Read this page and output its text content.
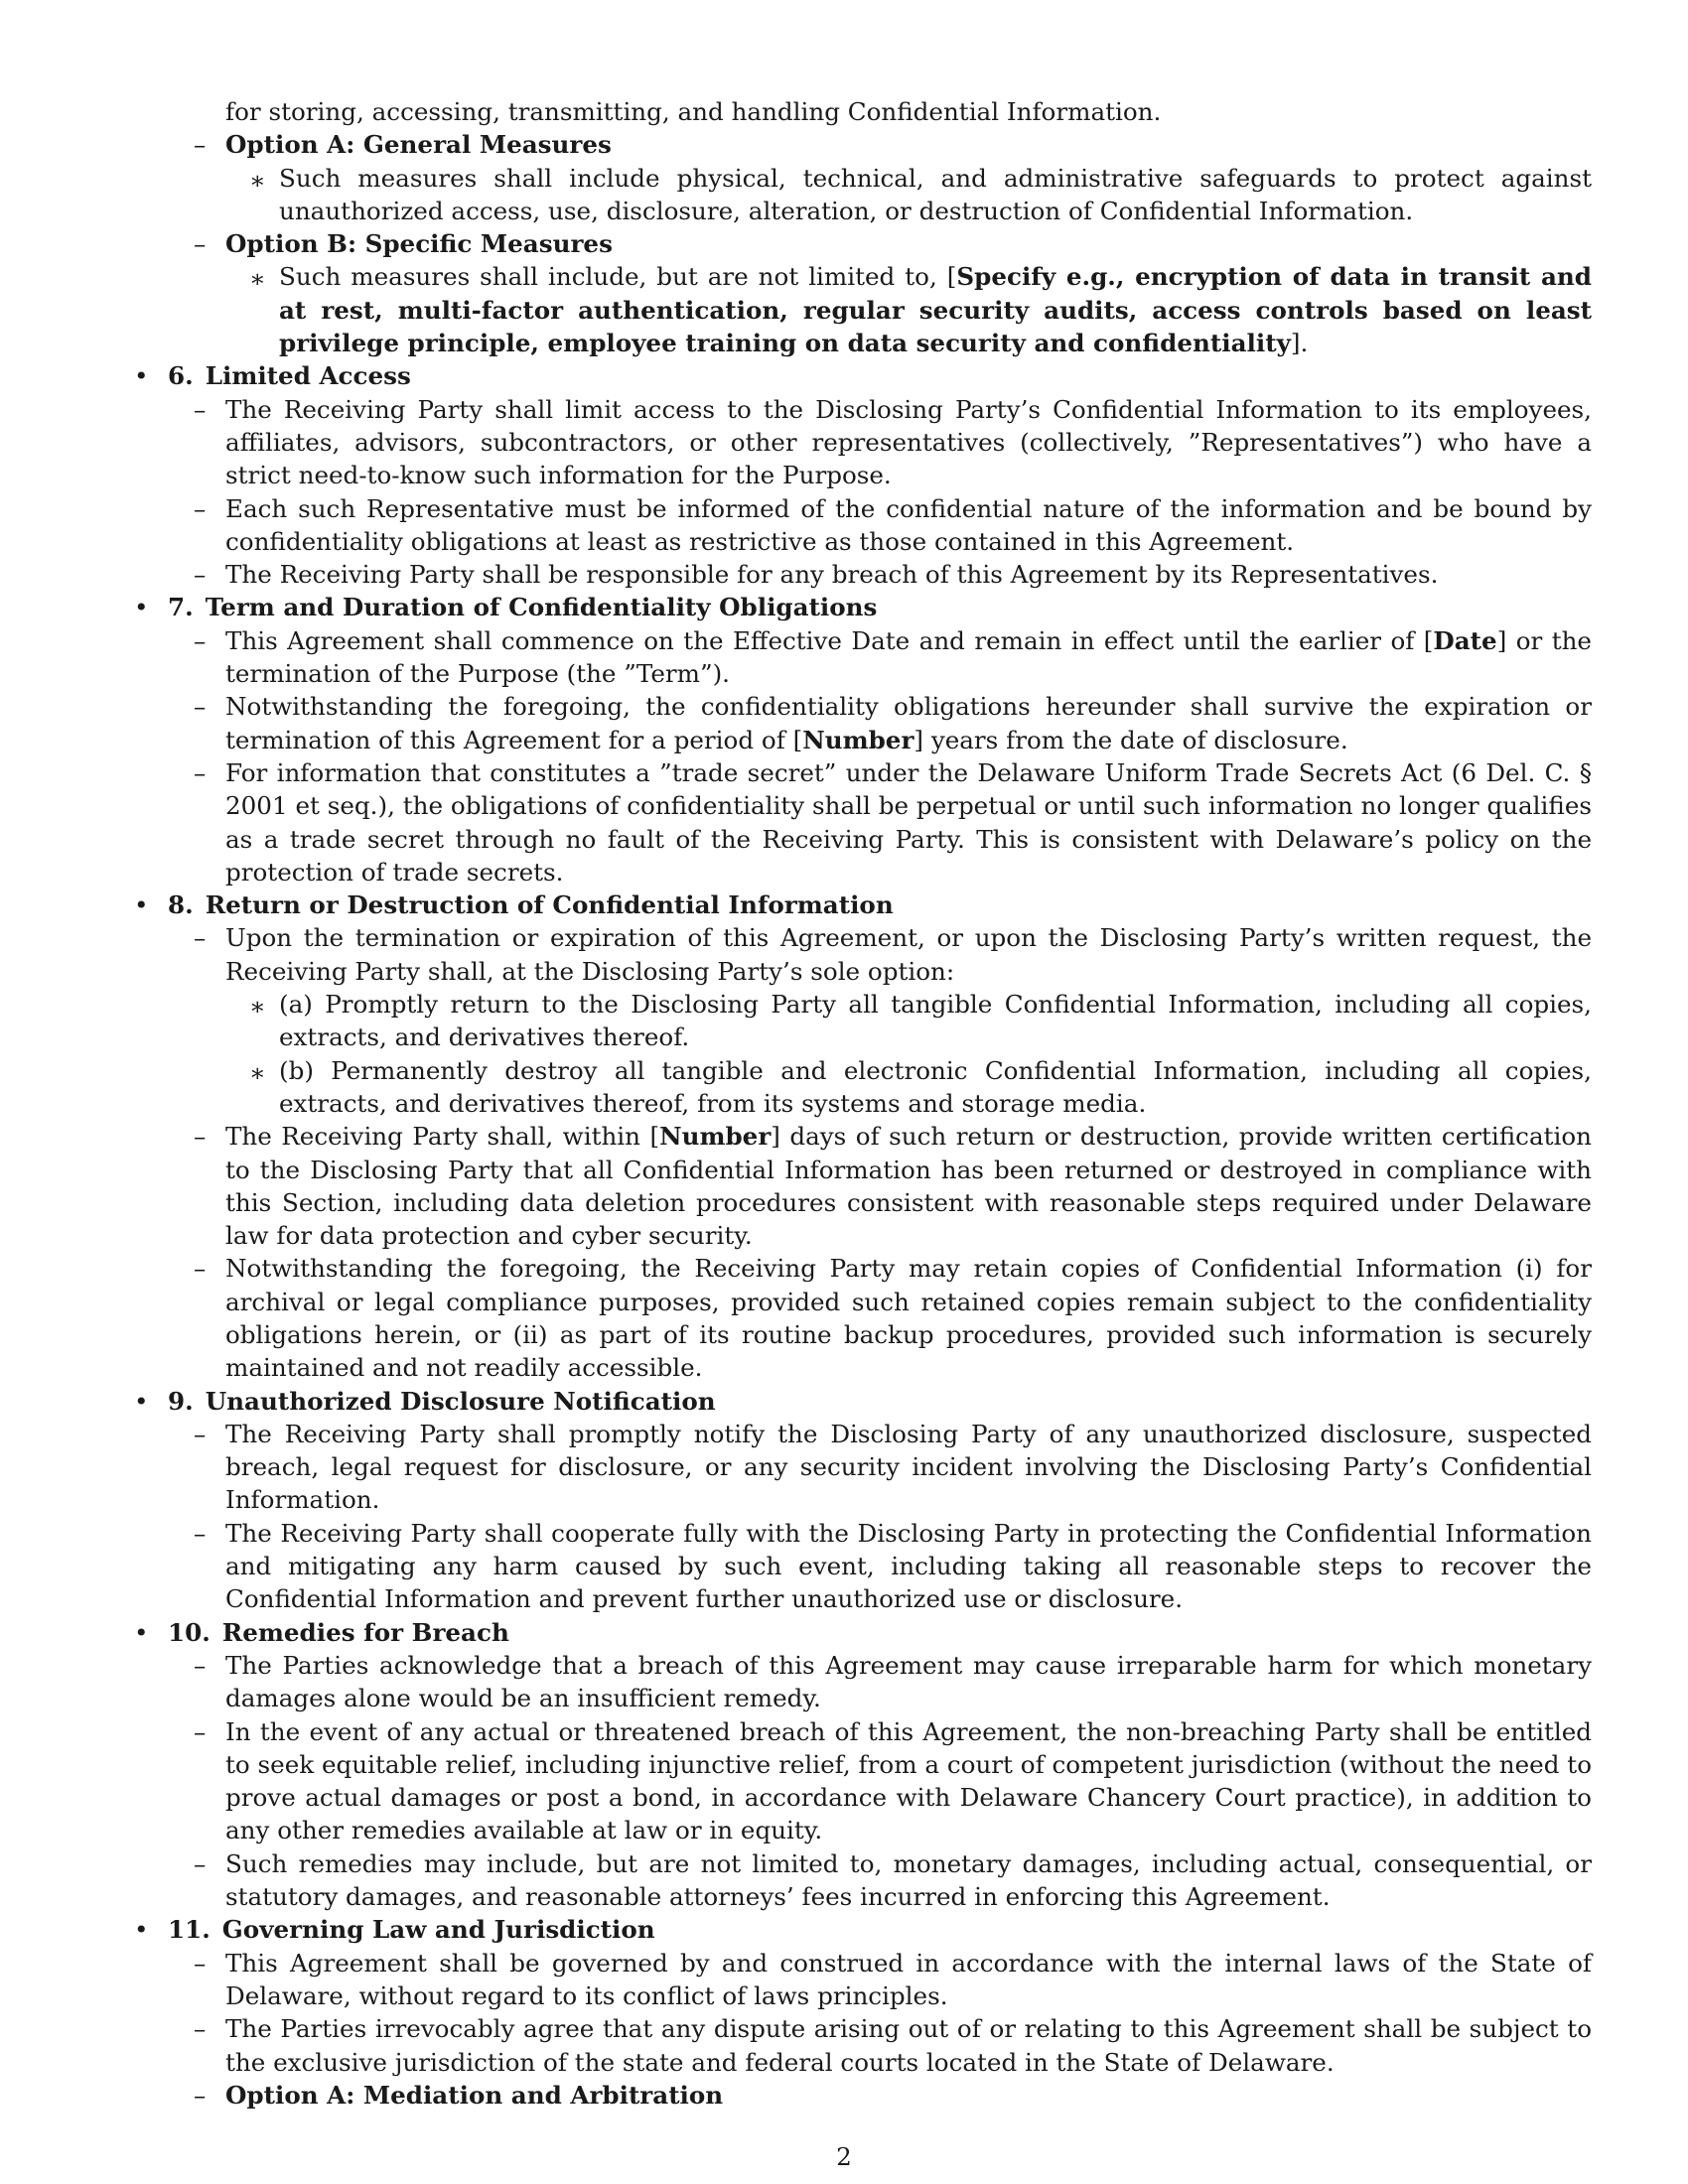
for storing, accessing, transmitting, and handling Confidential Information.
– Option A: General Measures
∗ Such measures shall include physical, technical, and administrative safeguards to protect against unauthorized access, use, disclosure, alteration, or destruction of Confidential Information.
– Option B: Specific Measures
∗ Such measures shall include, but are not limited to, [Specify e.g., encryption of data in transit and at rest, multi-factor authentication, regular security audits, access controls based on least privilege principle, employee training on data security and confidentiality].
• 6. Limited Access
– The Receiving Party shall limit access to the Disclosing Party’s Confidential Information to its employees, affiliates, advisors, subcontractors, or other representatives (collectively, ”Representatives”) who have a strict need-to-know such information for the Purpose.
– Each such Representative must be informed of the confidential nature of the information and be bound by confidentiality obligations at least as restrictive as those contained in this Agreement.
– The Receiving Party shall be responsible for any breach of this Agreement by its Representatives.
• 7. Term and Duration of Confidentiality Obligations
– This Agreement shall commence on the Effective Date and remain in effect until the earlier of [Date] or the termination of the Purpose (the ”Term”).
– Notwithstanding the foregoing, the confidentiality obligations hereunder shall survive the expiration or termination of this Agreement for a period of [Number] years from the date of disclosure.
– For information that constitutes a ”trade secret” under the Delaware Uniform Trade Secrets Act (6 Del. C. § 2001 et seq.), the obligations of confidentiality shall be perpetual or until such information no longer qualifies as a trade secret through no fault of the Receiving Party. This is consistent with Delaware’s policy on the protection of trade secrets.
• 8. Return or Destruction of Confidential Information
– Upon the termination or expiration of this Agreement, or upon the Disclosing Party’s written request, the Receiving Party shall, at the Disclosing Party’s sole option:
∗ (a) Promptly return to the Disclosing Party all tangible Confidential Information, including all copies, extracts, and derivatives thereof.
∗ (b) Permanently destroy all tangible and electronic Confidential Information, including all copies, extracts, and derivatives thereof, from its systems and storage media.
– The Receiving Party shall, within [Number] days of such return or destruction, provide written certification to the Disclosing Party that all Confidential Information has been returned or destroyed in compliance with this Section, including data deletion procedures consistent with reasonable steps required under Delaware law for data protection and cyber security.
– Notwithstanding the foregoing, the Receiving Party may retain copies of Confidential Information (i) for archival or legal compliance purposes, provided such retained copies remain subject to the confidentiality obligations herein, or (ii) as part of its routine backup procedures, provided such information is securely maintained and not readily accessible.
• 9. Unauthorized Disclosure Notification
– The Receiving Party shall promptly notify the Disclosing Party of any unauthorized disclosure, suspected breach, legal request for disclosure, or any security incident involving the Disclosing Party’s Confidential Information.
– The Receiving Party shall cooperate fully with the Disclosing Party in protecting the Confidential Information and mitigating any harm caused by such event, including taking all reasonable steps to recover the Confidential Information and prevent further unauthorized use or disclosure.
• 10. Remedies for Breach
– The Parties acknowledge that a breach of this Agreement may cause irreparable harm for which monetary damages alone would be an insufficient remedy.
– In the event of any actual or threatened breach of this Agreement, the non-breaching Party shall be entitled to seek equitable relief, including injunctive relief, from a court of competent jurisdiction (without the need to prove actual damages or post a bond, in accordance with Delaware Chancery Court practice), in addition to any other remedies available at law or in equity.
– Such remedies may include, but are not limited to, monetary damages, including actual, consequential, or statutory damages, and reasonable attorneys’ fees incurred in enforcing this Agreement.
• 11. Governing Law and Jurisdiction
– This Agreement shall be governed by and construed in accordance with the internal laws of the State of Delaware, without regard to its conflict of laws principles.
– The Parties irrevocably agree that any dispute arising out of or relating to this Agreement shall be subject to the exclusive jurisdiction of the state and federal courts located in the State of Delaware.
– Option A: Mediation and Arbitration
2
